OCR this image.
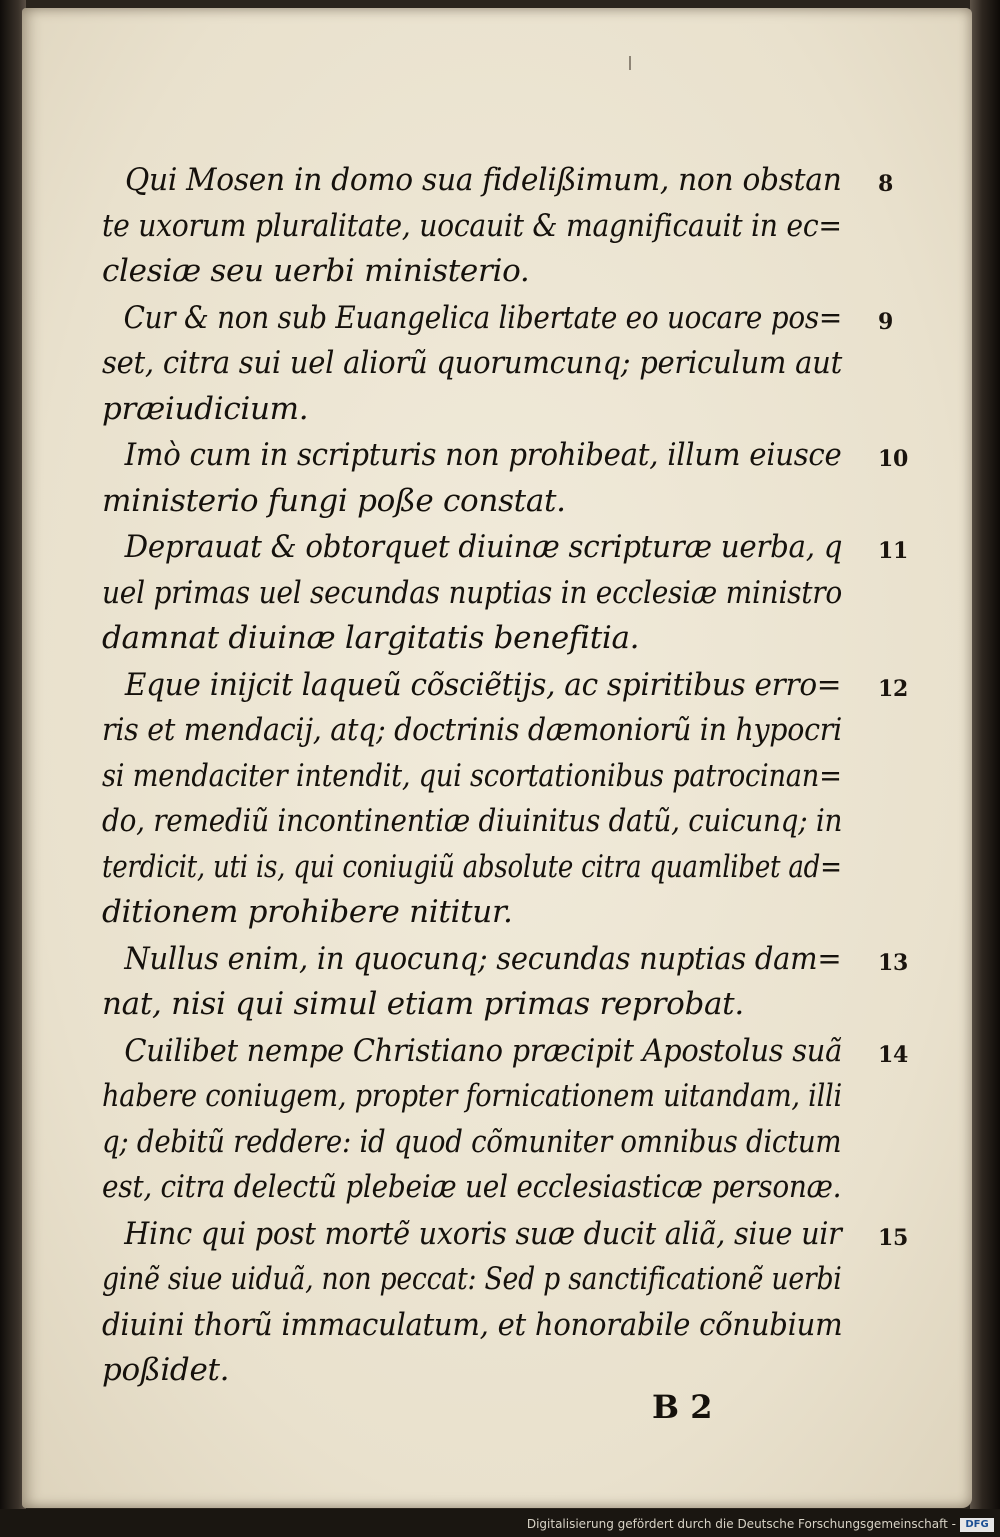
8
Qui Mosen in domo sua fidelißimum, non obstan
te uxorum pluralitate, uocauit & magnificauit in ec=
clesiæ seu uerbi ministerio.
9
Cur & non sub Euangelica libertate eo uocare pos=
set, citra sui uel aliorũ quorumcunq; periculum aut
præiudicium.
10
Imò cum in scripturis non prohibeat, illum eiusce
ministerio fungi poße constat.
11
Deprauat & obtorquet diuinæ scripturæ uerba, q
uel primas uel secundas nuptias in ecclesiæ ministro
damnat diuinæ largitatis benefitia.
12
Eque inijcit laqueũ cõsciẽtijs, ac spiritibus erro=
ris et mendacij, atq; doctrinis dæmoniorũ in hypocri
si mendaciter intendit, qui scortationibus patrocinan=
do, remediũ incontinentiæ diuinitus datũ, cuicunq; in
terdicit, uti is, qui coniugiũ absolute citra quamlibet ad=
ditionem prohibere nititur.
13
Nullus enim, in quocunq; secundas nuptias dam=
nat, nisi qui simul etiam primas reprobat.
14
Cuilibet nempe Christiano præcipit Apostolus suã
habere coniugem, propter fornicationem uitandam, illi
q; debitũ reddere: id quod cõmuniter omnibus dictum
est, citra delectũ plebeiæ uel ecclesiasticæ personæ.
15
Hinc qui post mortẽ uxoris suæ ducit aliã, siue uir
ginẽ siue uiduã, non peccat: Sed p sanctificationẽ uerbi
diuini thorũ immaculatum, et honorabile cõnubium
poßidet.
B 2
Digitalisierung gefördert durch die Deutsche Forschungsgemeinschaft - DFG
